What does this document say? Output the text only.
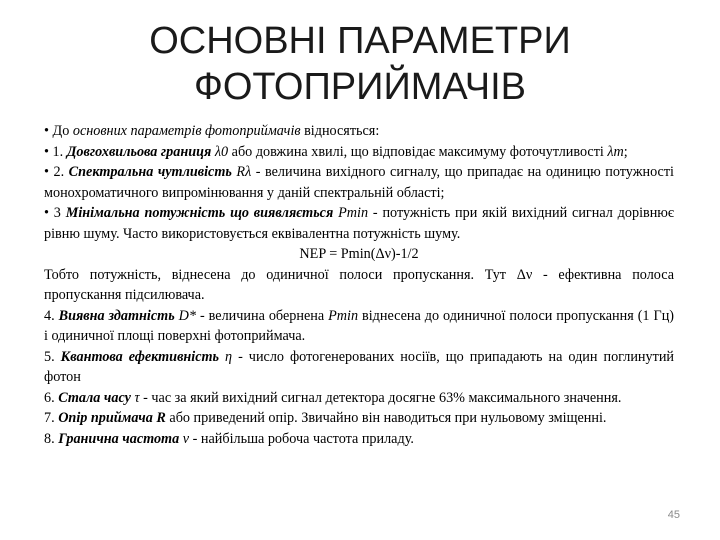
ОСНОВНІ ПАРАМЕТРИ
ФОТОПРИЙМАЧІВ

• До основних параметрів фотоприймачів відносяться:

• 1. Довгохвильова границя λ0 або довжина хвилі, що відповідає максимуму фоточутливості λm;

• 2. Спектральна чутливість Rλ - величина вихідного сигналу, що припадає на одиницю потужності монохроматичного випромінювання у даній спектральній області;

• 3 Мінімальна потужність що виявляється Pmin - потужність при якій вихідний сигнал дорівнює рівню шуму. Часто використовується еквівалентна потужність шуму.

NEP = Pmin(Δν)-1/2

Тобто потужність, віднесена до одиничної полоси пропускання. Тут Δν - ефективна полоса пропускання підсилювача.

4. Виявна здатність D* - величина обернена Pmin віднесена до одиничної полоси пропускання (1 Гц) і одиничної площі поверхні фотоприймача.

5. Квантова ефективність η - число фотогенерованих носіїв, що припадають на один поглинутий фотон

6. Стала часу τ - час за який вихідний сигнал детектора досягне 63% максимального значення.

7. Опір приймача R або приведений опір. Звичайно він наводиться при нульовому зміщенні.

8. Гранична частота ν - найбільша робоча частота приладу.

45
